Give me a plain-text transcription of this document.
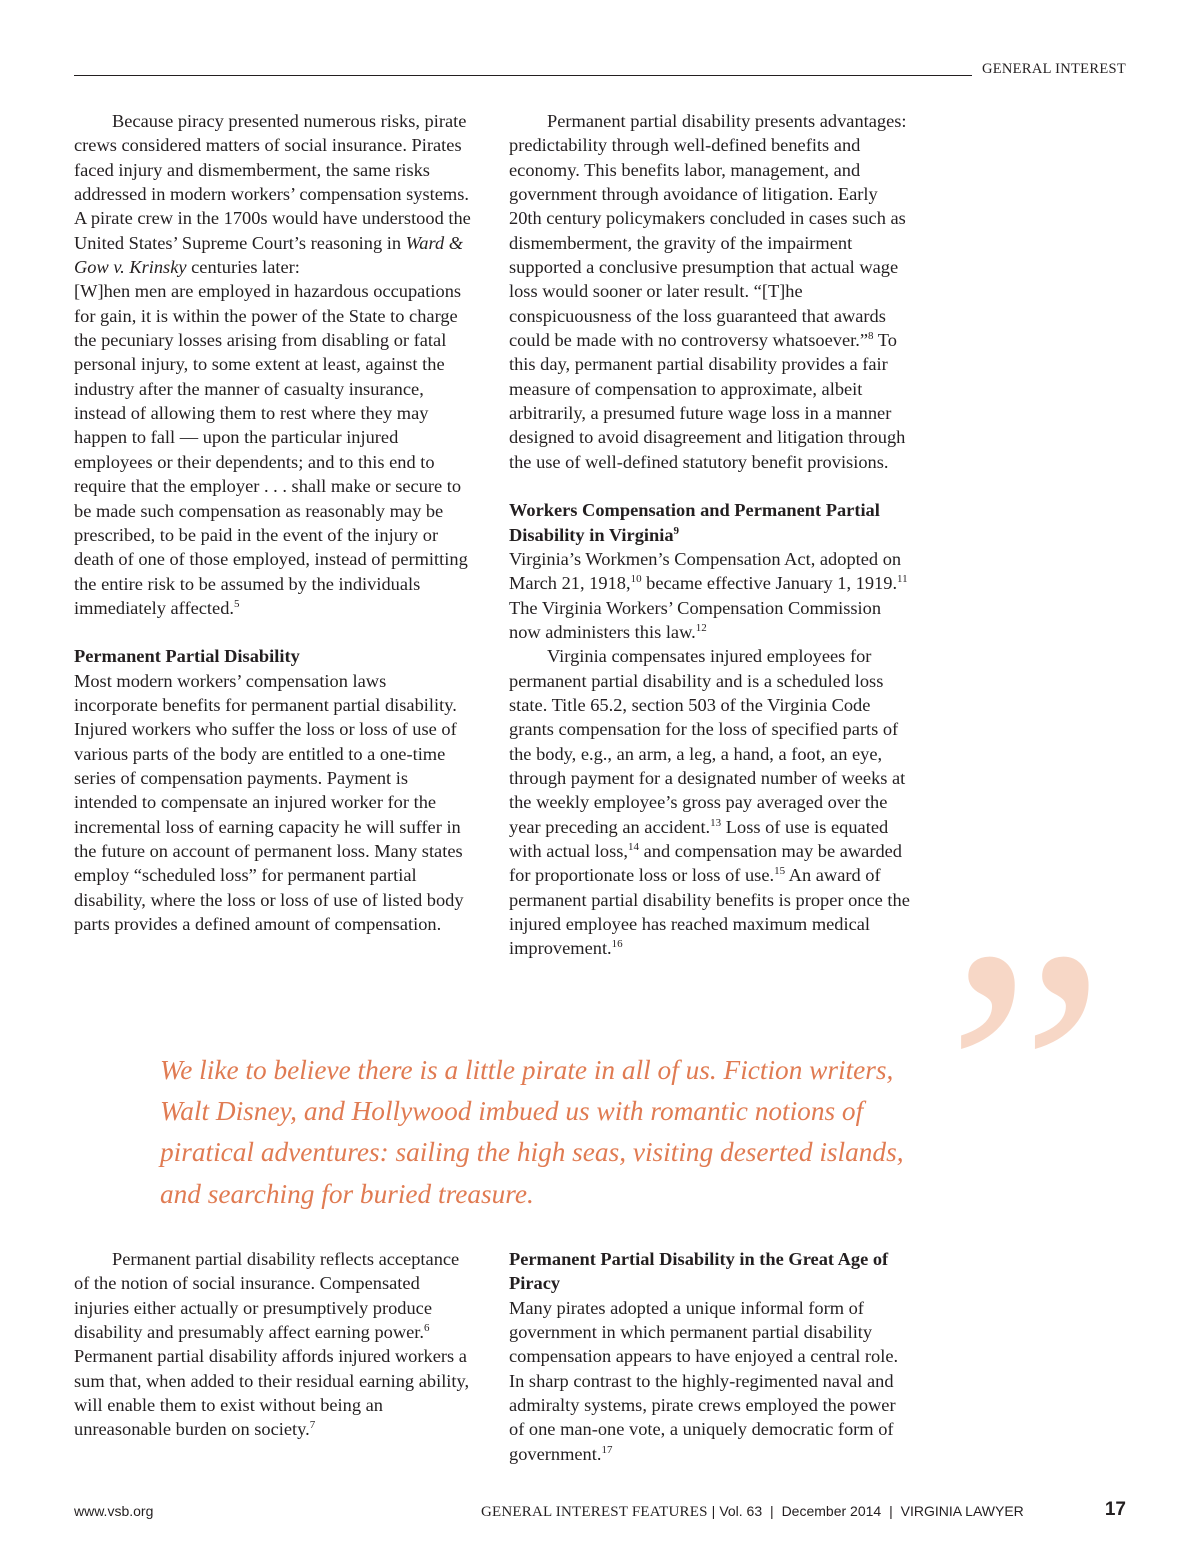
GENERAL INTEREST

Because piracy presented numerous risks, pirate crews considered matters of social insurance. Pirates faced injury and dismemberment, the same risks addressed in modern workers’ compensation systems. A pirate crew in the 1700s would have understood the United States’ Supreme Court’s reasoning in Ward & Gow v. Krinsky centuries later:

[W]hen men are employed in hazardous occupations for gain, it is within the power of the State to charge the pecuniary losses arising from disabling or fatal personal injury, to some extent at least, against the industry after the manner of casualty insurance, instead of allowing them to rest where they may happen to fall — upon the particular injured employees or their dependents; and to this end to require that the employer . . . shall make or secure to be made such compensation as reasonably may be prescribed, to be paid in the event of the injury or death of one of those employed, instead of permitting the entire risk to be assumed by the individuals immediately affected.$^5$

Permanent Partial Disability

Most modern workers’ compensation laws incorporate benefits for permanent partial disability. Injured workers who suffer the loss or loss of use of various parts of the body are entitled to a one-time series of compensation payments. Payment is intended to compensate an injured worker for the incremental loss of earning capacity he will suffer in the future on account of permanent loss. Many states employ “scheduled loss” for permanent partial disability, where the loss or loss of use of listed body parts provides a defined amount of compensation.

Permanent partial disability presents advantages: predictability through well-defined benefits and economy. This benefits labor, management, and government through avoidance of litigation. Early 20th century policymakers concluded in cases such as dismemberment, the gravity of the impairment supported a conclusive presumption that actual wage loss would sooner or later result. “[T]he conspicuousness of the loss guaranteed that awards could be made with no controversy whatsoever.”$^8$ To this day, permanent partial disability provides a fair measure of compensation to approximate, albeit arbitrarily, a presumed future wage loss in a manner designed to avoid disagreement and litigation through the use of well-defined statutory benefit provisions.

Workers Compensation and Permanent Partial Disability in Virginia$^9$

Virginia’s Workmen’s Compensation Act, adopted on March 21, 1918,10 became effective January 1, 1919.11 The Virginia Workers’ Compensation Commission now administers this law.$^{12}$

Virginia compensates injured employees for permanent partial disability and is a scheduled loss state. Title 65.2, section 503 of the Virginia Code grants compensation for the loss of specified parts of the body, e.g., an arm, a leg, a hand, a foot, an eye, through payment for a designated number of weeks at the weekly employee’s gross pay averaged over the year preceding an accident.$^{13}$ Loss of use is equated with actual loss,$^{14}$ and compensation may be awarded for proportionate loss or loss of use.$^{15}$ An award of permanent partial disability benefits is proper once the injured employee has reached maximum medical improvement.$^{16}$ ”
We like to believe there is a little pirate in all of us. Fiction writers, Walt Disney, and Hollywood imbued us with romantic notions of piratical adventures: sailing the high seas, visiting deserted islands, and searching for buried treasure.

Permanent partial disability reflects acceptance of the notion of social insurance. Compensated injuries either actually or presumptively produce disability and presumably affect earning power.$^6$ Permanent partial disability affords injured workers a sum that, when added to their residual earning ability, will enable them to exist without being an unreasonable burden on society.$^7$

Permanent Partial Disability in the Great Age of Piracy

Many pirates adopted a unique informal form of government in which permanent partial disability compensation appears to have enjoyed a central role. In sharp contrast to the highly-regimented naval and admiralty systems, pirate crews employed the power of one man-one vote, a uniquely democratic form of government.$^{17}$

www.vsb.org	GENERAL INTEREST FEATURES | Vol. 63 | December 2014 | VIRGINIA LAWYER	17
